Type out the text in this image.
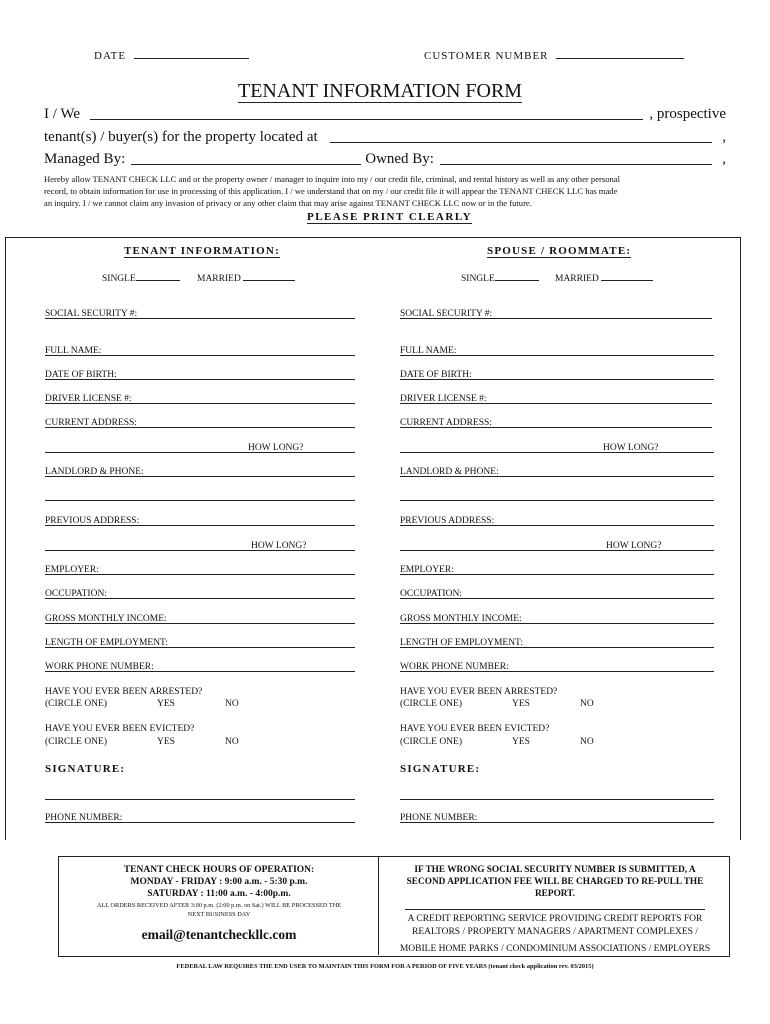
DATE	CUSTOMER NUMBER
TENANT INFORMATION FORM
I / We	, prospective
tenant(s) / buyer(s) for the property located at	,
Managed By:	Owned By:	,
Hereby allow TENANT CHECK LLC and or the property owner / manager to inquire into my / our credit file, criminal, and rental history as well as any other personal
record, to obtain information for use in processing of this application. I / we understand that on my / our credit file it will appear the TENANT CHECK LLC has made
an inquiry. I / we cannot claim any invasion of privacy or any other claim that may arise against TENANT CHECK LLC now or in the future.
PLEASE PRINT CLEARLY
TENANT INFORMATION:
SINGLE	MARRIED
SOCIAL SECURITY #:
FULL NAME:
DATE OF BIRTH:
DRIVER LICENSE #:
CURRENT ADDRESS:
HOW LONG?
LANDLORD & PHONE:
PREVIOUS ADDRESS:
HOW LONG?
EMPLOYER:
OCCUPATION:
GROSS MONTHLY INCOME:
LENGTH OF EMPLOYMENT:
WORK PHONE NUMBER:
HAVE YOU EVER BEEN ARRESTED?
(CIRCLE ONE)	YES	NO
HAVE YOU EVER BEEN EVICTED?
(CIRCLE ONE)	YES	NO
SIGNATURE:
PHONE NUMBER:
SPOUSE / ROOMMATE:
SINGLE	MARRIED
SOCIAL SECURITY #:
FULL NAME:
DATE OF BIRTH:
DRIVER LICENSE #:
CURRENT ADDRESS:
HOW LONG?
LANDLORD & PHONE:
PREVIOUS ADDRESS:
HOW LONG?
EMPLOYER:
OCCUPATION:
GROSS MONTHLY INCOME:
LENGTH OF EMPLOYMENT:
WORK PHONE NUMBER:
HAVE YOU EVER BEEN ARRESTED?
(CIRCLE ONE)	YES	NO
HAVE YOU EVER BEEN EVICTED?
(CIRCLE ONE)	YES	NO
SIGNATURE:
PHONE NUMBER:
TENANT CHECK HOURS OF OPERATION:
MONDAY - FRIDAY : 9:00 a.m. - 5:30 p.m.
SATURDAY : 11:00 a.m. - 4:00p.m.
ALL ORDERS RECEIVED AFTER 3:00 p.m. (2:00 p.m. on Sat.) WILL BE PROCESSED THE
NEXT BUSINESS DAY
email@tenantcheckllc.com
IF THE WRONG SOCIAL SECURITY NUMBER IS SUBMITTED, A
SECOND APPLICATION FEE WILL BE CHARGED TO RE-PULL THE
REPORT.
A CREDIT REPORTING SERVICE PROVIDING CREDIT REPORTS FOR
REALTORS / PROPERTY MANAGERS / APARTMENT COMPLEXES /
MOBILE HOME PARKS / CONDOMINIUM ASSOCIATIONS / EMPLOYERS
FEDERAL LAW REQUIRES THE END USER TO MAINTAIN THIS FORM FOR A PERIOD OF FIVE YEARS (tenant check application rev. 03/2015)
